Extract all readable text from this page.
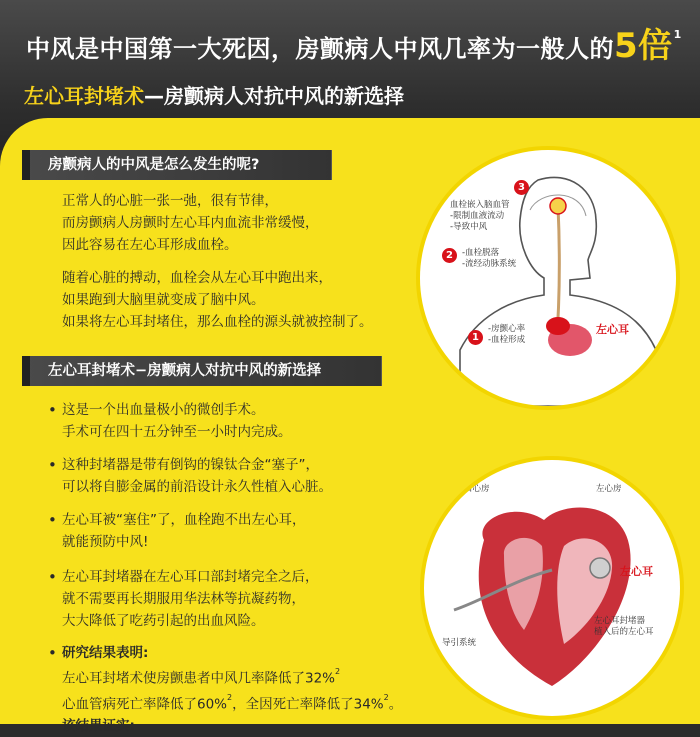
中风是中国第一大死因，房颤病人中风几率为一般人的5倍$^1$
左心耳封堵术—房颤病人对抗中风的新选择
房颤病人的中风是怎么发生的呢?
正常人的心脏一张一弛，很有节律，
而房颤病人房颤时左心耳内血流非常缓慢，
因此容易在左心耳形成血栓。
随着心脏的搏动，血栓会从左心耳中跑出来，
如果跑到大脑里就变成了脑中风。
如果将左心耳封堵住，那么血栓的源头就被控制了。
3
血栓嵌入脑血管
-限制血液流动
-导致中风
2	-血栓脱落
-流经动脉系统
1
-房颤心率
-血栓形成
左心耳
左心耳封堵术−房颤病人对抗中风的新选择
• 这是一个出血量极小的微创手术。
手术可在四十五分钟至一小时内完成。
• 这种封堵器是带有倒钩的镍钛合金“塞子”，
可以将自膨金属的前沿设计永久性植入心脏。
• 左心耳被“塞住”了，血栓跑不出左心耳，
就能预防中风!
• 左心耳封堵器在左心耳口部封堵完全之后，
就不需要再长期服用华法林等抗凝药物，
大大降低了吃药引起的出血风险。
• 研究结果表明:
左心耳封堵术使房颤患者中风几率降低了32%$^2$
心血管病死亡率降低了60%$^2$，全因死亡率降低了34%$^2$。
该结果证实:
右心房	左心房
左心耳
导引系统
左心耳封堵器
植入后的左心耳
